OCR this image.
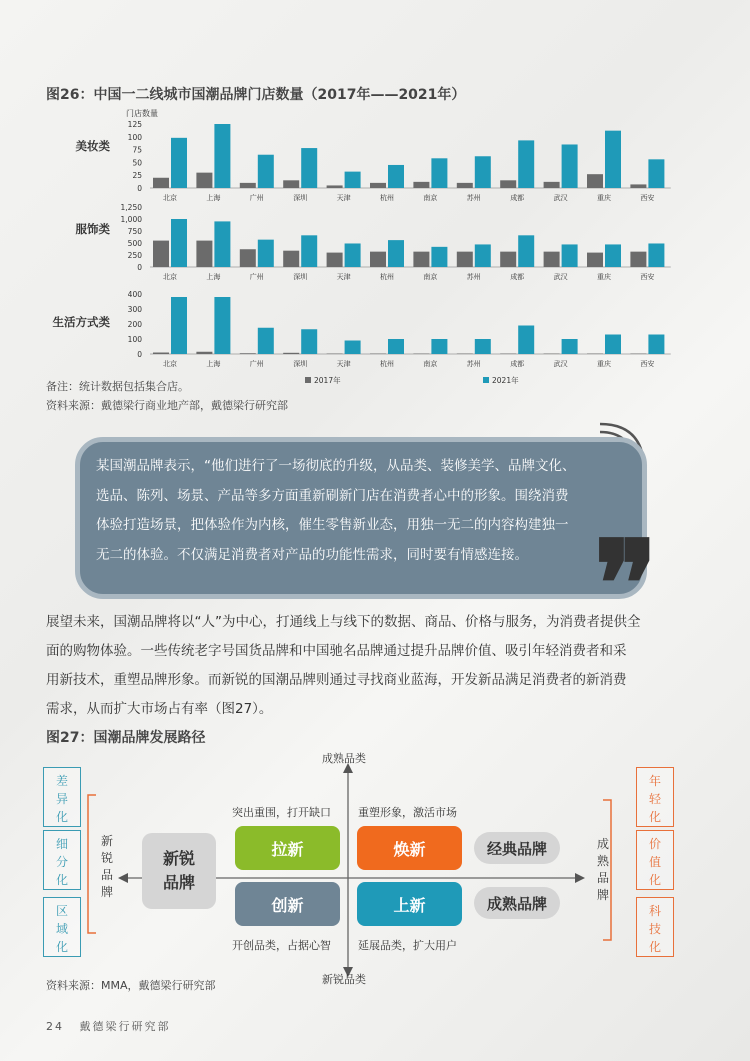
图26：中国一二线城市国潮品牌门店数量（2017年——2021年）
门店数量
美妆类
0
25
50
75
100
125
北京	上海	广州	深圳	天津	杭州	南京	苏州	成都	武汉	重庆	西安
服饰类
0
250
500
750
1,000
1,250
北京	上海	广州	深圳	天津	杭州	南京	苏州	成都	武汉	重庆	西安
生活方式类
0
100
200
300
400
北京	上海	广州	深圳	天津	杭州	南京	苏州	成都	武汉	重庆	西安
2017年	2021年
备注：统计数据包括集合店。
资料来源：戴德梁行商业地产部，戴德梁行研究部
某国潮品牌表示，“他们进行了一场彻底的升级，从品类、装修美学、品牌文化、
选品、陈列、场景、产品等多方面重新刷新门店在消费者心中的形象。围绕消费
体验打造场景，把体验作为内核，催生零售新业态，用独一无二的内容构建独一
无二的体验。不仅满足消费者对产品的功能性需求，同时要有情感连接。 ❞
展望未来，国潮品牌将以“人”为中心，打通线上与线下的数据、商品、价格与服务，为消费者提供全
面的购物体验。一些传统老字号国货品牌和中国驰名品牌通过提升品牌价值、吸引年轻消费者和采
用新技术，重塑品牌形象。而新锐的国潮品牌则通过寻找商业蓝海，开发新品满足消费者的新消费
需求，从而扩大市场占有率（图27）。
图27：国潮品牌发展路径
成熟品类
新锐品类
新
锐
品
牌
成
熟
品
牌
差
异
化
细
分
化
区
域
化
年
轻
化
价
值
化
科
技
化
新锐
品牌
突出重围，打开缺口 重塑形象，激活市场
开创品类，占据心智 延展品类，扩大用户
拉新	焕新
创新	上新
经典品牌
成熟品牌
资料来源：MMA，戴德梁行研究部
24 戴德梁行研究部
